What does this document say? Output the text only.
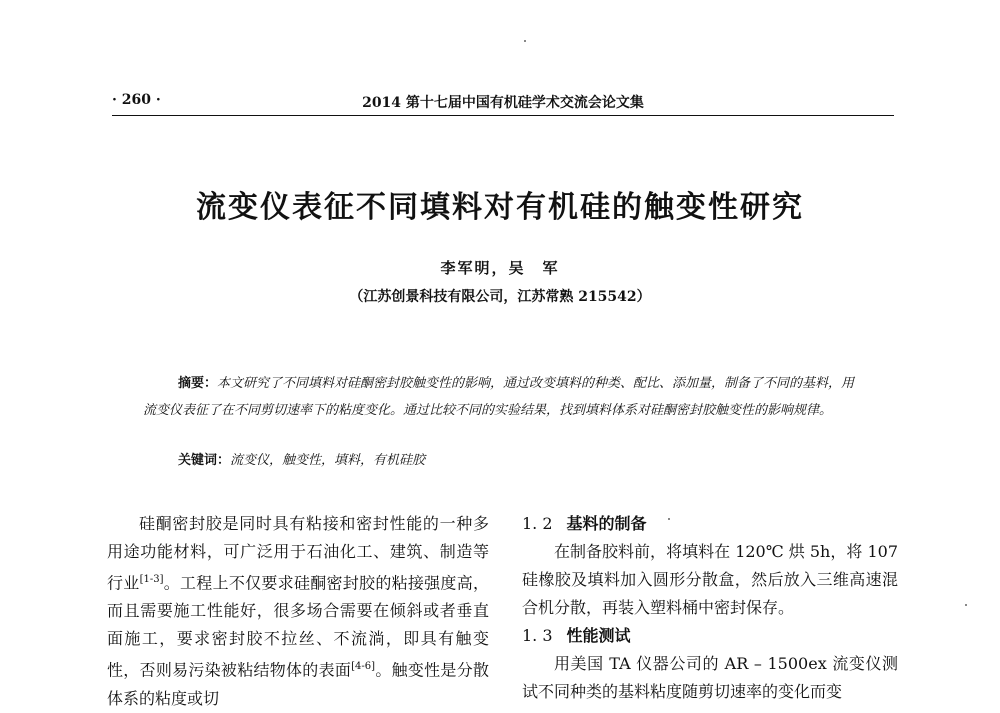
· 260 ·	2014 第十七届中国有机硅学术交流会论文集
流变仪表征不同填料对有机硅的触变性研究
李军明，吴　军
（江苏创景科技有限公司，江苏常熟 215542）
摘要：本文研究了不同填料对硅酮密封胶触变性的影响，通过改变填料的种类、配比、添加量，制备了不同的基料，用流变仪表征了在不同剪切速率下的粘度变化。通过比较不同的实验结果，找到填料体系对硅酮密封胶触变性的影响规律。
关键词：流变仪，触变性，填料，有机硅胶
硅酮密封胶是同时具有粘接和密封性能的一种多用途功能材料，可广泛用于石油化工、建筑、制造等行业[1-3]。工程上不仅要求硅酮密封胶的粘接强度高，而且需要施工性能好，很多场合需要在倾斜或者垂直面施工，要求密封胶不拉丝、不流淌，即具有触变性，否则易污染被粘结物体的表面[4-6]。触变性是分散体系的粘度或切
1. 2 基料的制备
在制备胶料前，将填料在 120℃ 烘 5h，将 107 硅橡胶及填料加入圆形分散盒，然后放入三维高速混合机分散，再装入塑料桶中密封保存。
1. 3 性能测试
用美国 TA 仪器公司的 AR – 1500ex 流变仪测试不同种类的基料粘度随剪切速率的变化而变
